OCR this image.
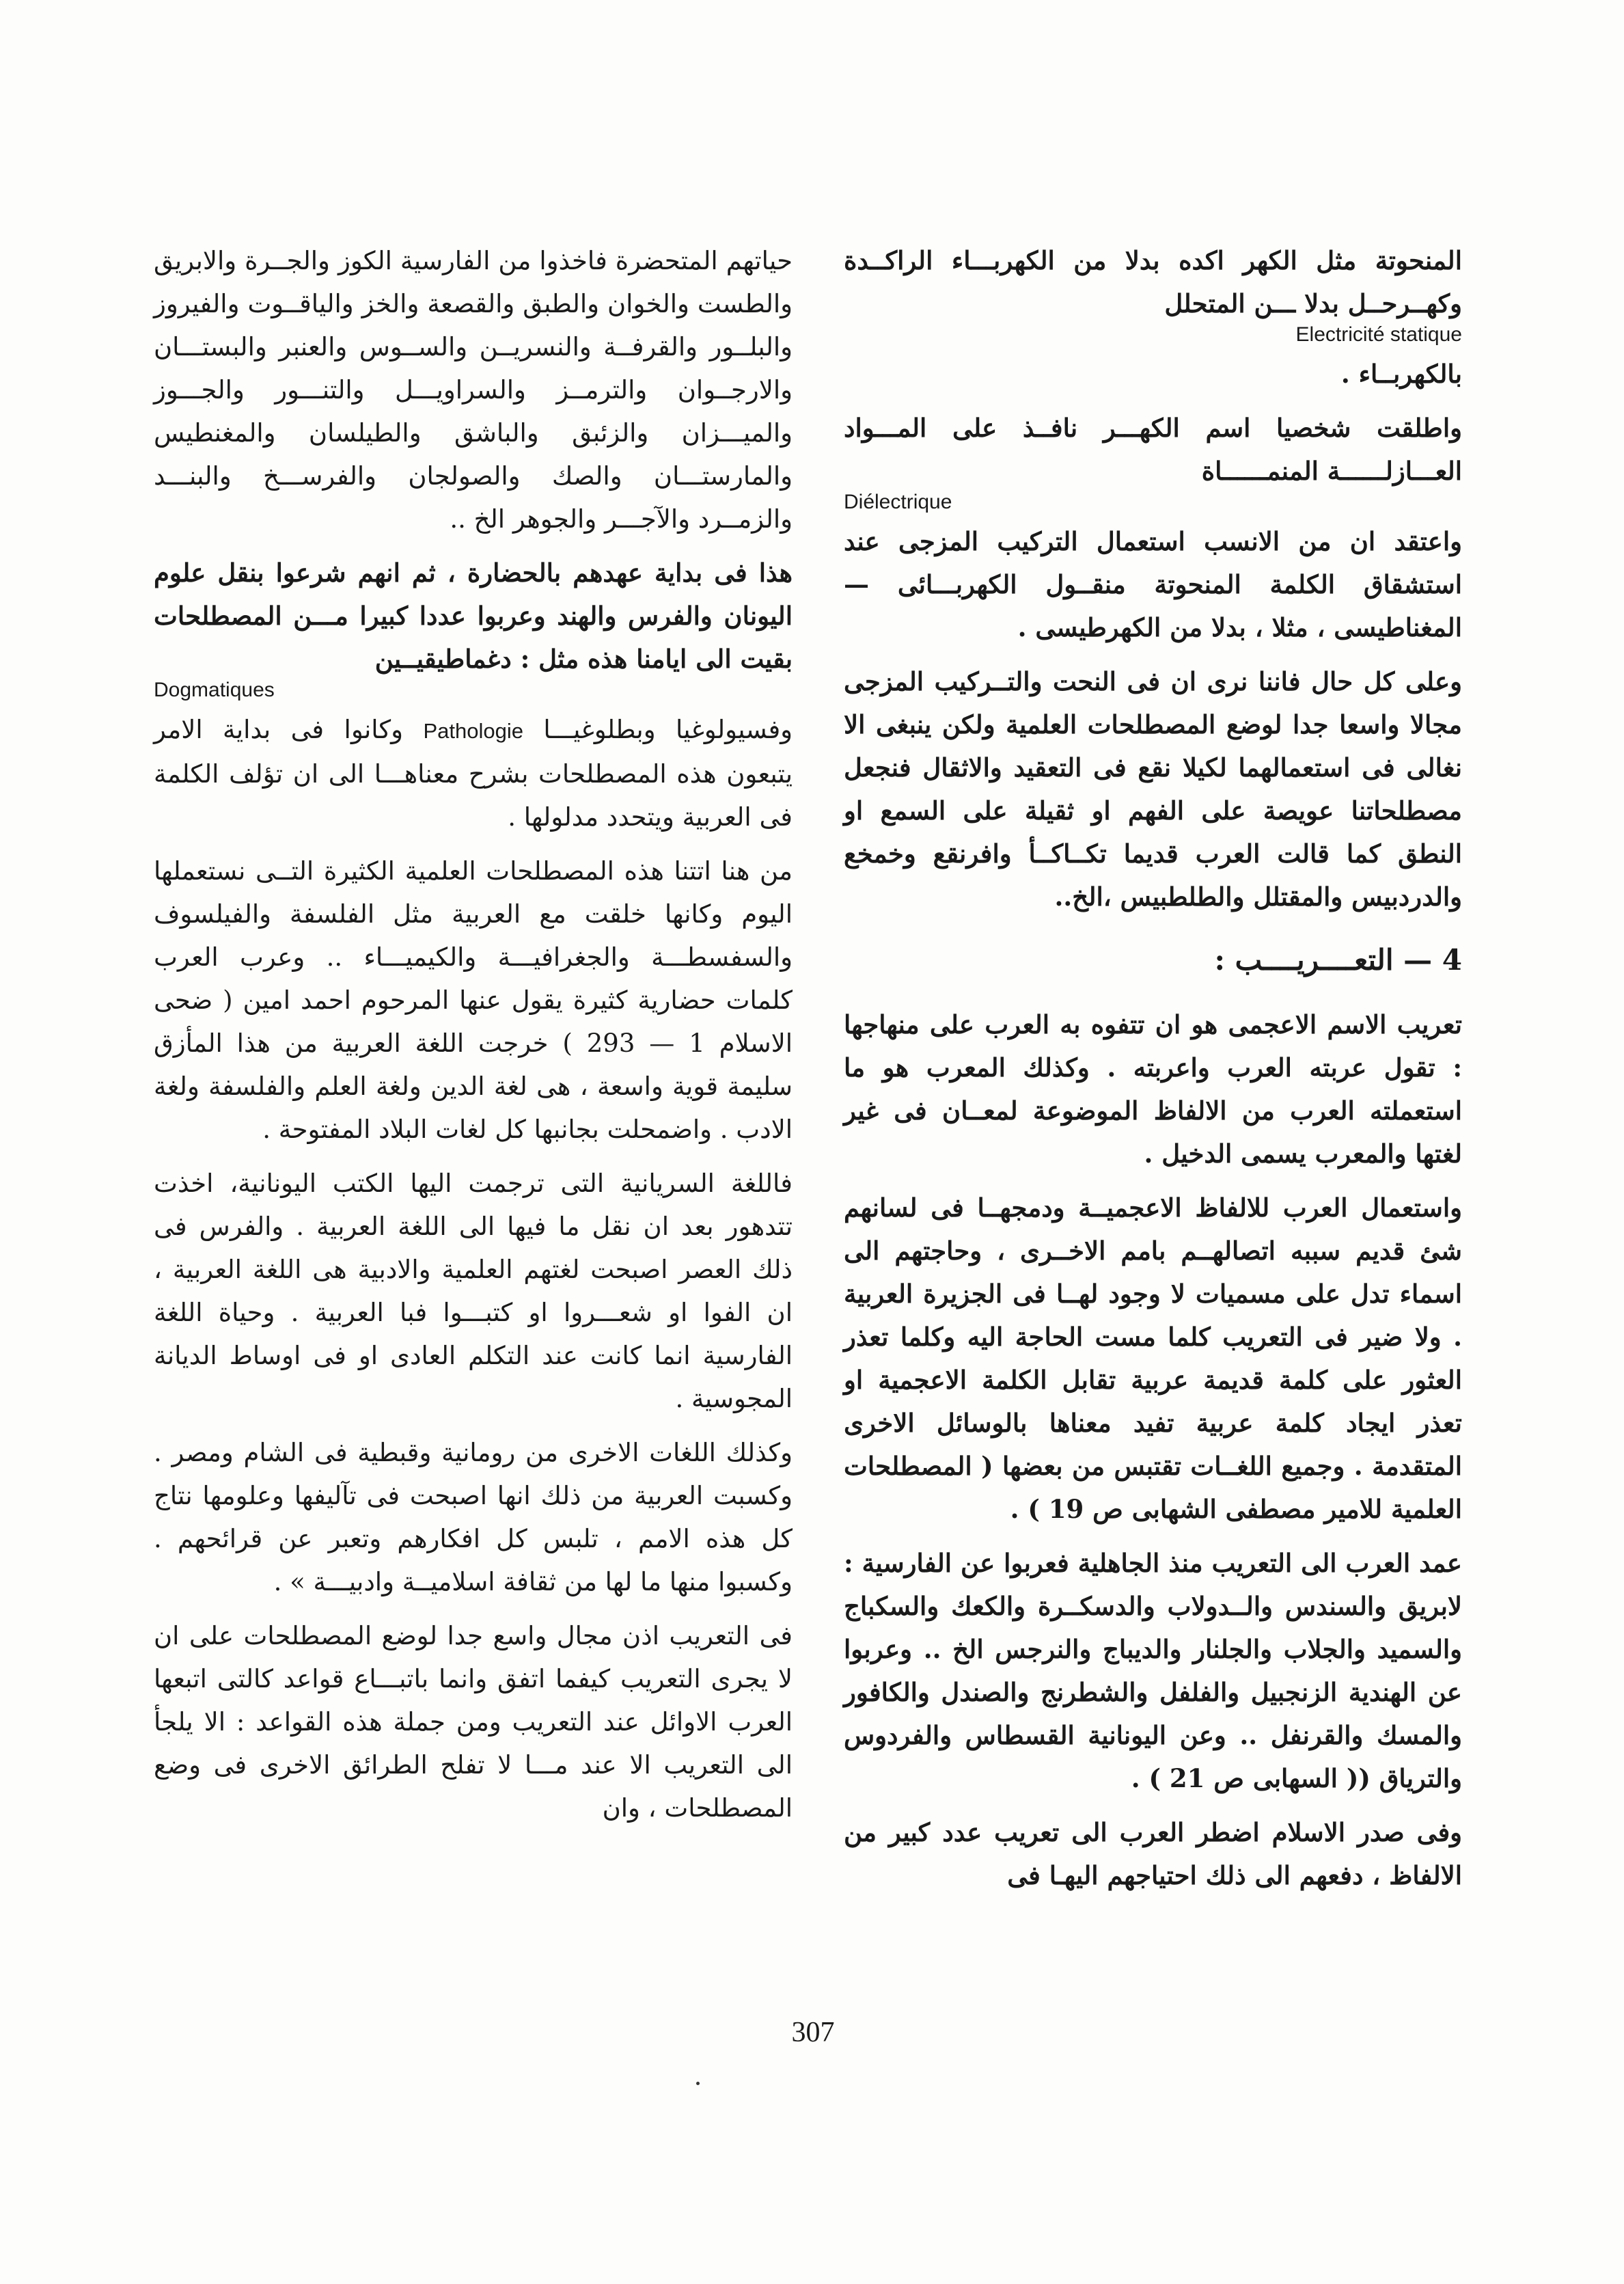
المنحوتة مثل الكهر اكده بدلا من الكهربـــاء الراكــدة وكهــرحــل بدلا ـــن المتحلل

Electricité statique

بالكهربــاء .

واطلقت شخصيا اسم الكهـــر نافــذ على المـــواد العـــازلــــــة المنمــــــاة

Diélectrique

واعتقد ان من الانسب استعمال التركيب المزجى عند استشقاق الكلمة المنحوتة منقــول الكهربـــائى — المغناطيسى ، مثلا ، بدلا من الكهرطيسى .

وعلى كل حال فاننا نرى ان فى النحت والتــركيب المزجى مجالا واسعا جدا لوضع المصطلحات العلمية ولكن ينبغى الا نغالى فى استعمالهما لكيلا نقع فى التعقيد والاثقال فنجعل مصطلحاتنا عويصة على الفهم او ثقيلة على السمع او النطق كما قالت العرب قديما تكــاكــأ وافرنقع وخمخع والدردبيس والمقتلل والطلطبيس ،الخ..

4 — التعــــريــــب :

تعريب الاسم الاعجمى هو ان تتفوه به العرب على منهاجها : تقول عربته العرب واعربته . وكذلك المعرب هو ما استعملته العرب من الالفاظ الموضوعة لمعــان فى غير لغتها والمعرب يسمى الدخيل .

واستعمال العرب للالفاظ الاعجميــة ودمجهــا فى لسانهم شئ قديم سببه اتصالهــم بامم الاخــرى ، وحاجتهم الى اسماء تدل على مسميات لا وجود لهــا فى الجزيرة العربية . ولا ضير فى التعريب كلما مست الحاجة اليه وكلما تعذر العثور على كلمة قديمة عربية تقابل الكلمة الاعجمية او تعذر ايجاد كلمة عربية تفيد معناها بالوسائل الاخرى المتقدمة . وجميع اللغــات تقتبس من بعضها ( المصطلحات العلمية للامير مصطفى الشهابى ص 19 ) .

عمد العرب الى التعريب منذ الجاهلية فعربوا عن الفارسية : لابريق والسندس والــدولاب والدسكــرة والكعك والسكباج والسميد والجلاب والجلنار والديباج والنرجس الخ .. وعربوا عن الهندية الزنجبيل والفلفل والشطرنج والصندل والكافور والمسك والقرنفل .. وعن اليونانية القسطاس والفردوس والترياق (( السهابى ص 21 ) .

وفى صدر الاسلام اضطر العرب الى تعريب عدد كبير من الالفاظ ، دفعهم الى ذلك احتياجهم اليهـا فى

حياتهم المتحضرة فاخذوا من الفارسية الكوز والجــرة والابريق والطست والخوان والطبق والقصعة والخز والياقــوت والفيروز والبلــور والقرفــة والنسريــن والســوس والعنبر والبستـــان والارجــوان والترمــز والسراويـــل والتنـــور والجـــوز والميـــزان والزئبق والباشق والطيلسان والمغنطيس والمارستـــان والصك والصولجان والفرســـخ والبنـــد والزمــرد والآجـــر والجوهر الخ ..

هذا فى بداية عهدهم بالحضارة ، ثم انهم شرعوا بنقل علوم اليونان والفرس والهند وعربوا عددا كبيرا مـــن المصطلحات بقيت الى ايامنا هذه مثل : دغماطيقيــين

Dogmatiques

وفسيولوغيا وبطلوغيـــا Pathologie وكانوا فى بداية الامر يتبعون هذه المصطلحات بشرح معناهـــا الى ان تؤلف الكلمة فى العربية ويتحدد مدلولها .

من هنا اتتنا هذه المصطلحات العلمية الكثيرة التــى نستعملها اليوم وكانها خلقت مع العربية مثل الفلسفة والفيلسوف والسفسطـــة والجغرافيـــة والكيميـــاء .. وعرب العرب كلمات حضارية كثيرة يقول عنها المرحوم احمد امين ( ضحى الاسلام 1 — 293 ) خرجت اللغة العربية من هذا المأزق سليمة قوية واسعة ، هى لغة الدين ولغة العلم والفلسفة ولغة الادب . واضمحلت بجانبها كل لغات البلاد المفتوحة .

فاللغة السريانية التى ترجمت اليها الكتب اليونانية، اخذت تتدهور بعد ان نقل ما فيها الى اللغة العربية . والفرس فى ذلك العصر اصبحت لغتهم العلمية والادبية هى اللغة العربية ، ان الفوا او شعـــروا او كتبـــوا فبا العربية . وحياة اللغة الفارسية انما كانت عند التكلم العادى او فى اوساط الديانة المجوسية .

وكذلك اللغات الاخرى من رومانية وقبطية فى الشام ومصر . وكسبت العربية من ذلك انها اصبحت فى تآليفها وعلومها نتاج كل هذه الامم ، تلبس كل افكارهم وتعبر عن قرائحهم . وكسبوا منها ما لها من ثقافة اسلاميــة وادبيـــة » .

فى التعريب اذن مجال واسع جدا لوضع المصطلحات على ان لا يجرى التعريب كيفما اتفق وانما باتبـــاع قواعد كالتى اتبعها العرب الاوائل عند التعريب ومن جملة هذه القواعد : الا يلجأ الى التعريب الا عند مـــا لا تفلح الطرائق الاخرى فى وضع المصطلحات ، وان

307
